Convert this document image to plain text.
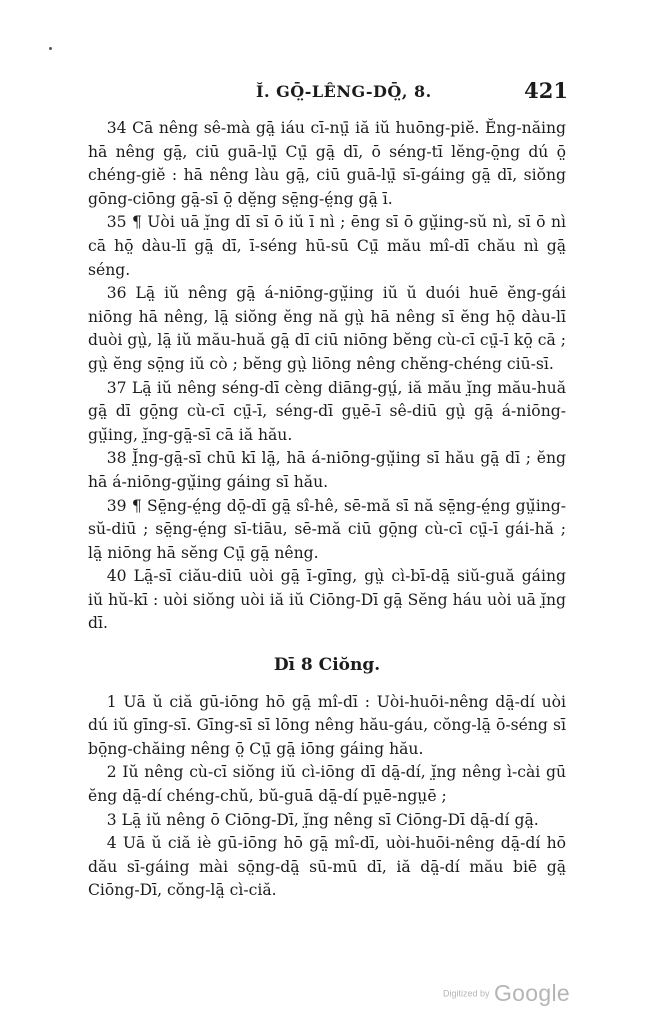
Ĭ. GŌ̤-LÊNG-DŌ̤, 8.	421

34 Cā nêng sê-mà gā̤ iáu cī-nṳ̄ iă iŭ huōng-piĕ. Ĕng-năing hā nêng gā̤, ciū guā-lṳ̄ Cṳ̄ gā̤ dī, ō séng-tī lĕng-ō̤ng dú ō̤ chéng-giĕ : hā nêng làu gā̤, ciū guā-lṳ̄ sī-gáing gā̤ dī, siŏng gōng-ciōng gā̤-sī ō̤ dĕ̤ng sē̤ng-é̤ng gā̤ ī.

35 ¶ Uòi uā ĭ̤ng dī sī ō iŭ ī nì ; ēng sī ō gṳ̆ing-sŭ nì, sī ō nì cā hō̤ dàu-lī gā̤ dī, ī-séng hū-sū Cṳ̄ mău mî-dī chău nì gā̤ séng.

36 Lā̤ iŭ nêng gā̤ á-niōng-gṳ̆ing iŭ ŭ duói huē ĕng-gái niōng hā nêng, lā̤ siŏng ĕng nă gṳ̀ hā nêng sī ĕng hō̤ dàu-lī duòi gṳ̀, lā̤ iŭ mău-huă gā̤ dī ciū niōng bĕng cù-cī cṳ̄-ī kō̤ cā ; gṳ̀ ĕng sō̤ng iŭ cò ; bĕng gṳ̀ liōng nêng chĕng-chéng ciū-sī.

37 Lā̤ iŭ nêng séng-dī cèng diāng-gṳ́, iă mău ĭ̤ng mău-huă gā̤ dī gō̤ng cù-cī cṳ̄-ī, séng-dī gṳē-ī sê-diū gṳ̀ gā̤ á-niōng-gṳ̆ing, ĭ̤ng-gā̤-sī cā iă hău.

38 Ĭ̤ng-gā̤-sī chū kī lā̤, hā á-niōng-gṳ̆ing sī hău gā̤ dī ; ĕng hā á-niōng-gṳ̆ing gáing sī hău.

39 ¶ Sē̤ng-é̤ng dō̤-dī gā̤ sî-hê, sē-mă sī nă sē̤ng-é̤ng gṳ̆ing-sŭ-diū ; sē̤ng-é̤ng sī-tiāu, sē-mă ciū gō̤ng cù-cī cṳ̄-ī gái-hă ; lā̤ niōng hā sĕng Cṳ̄ gā̤ nêng.

40 Lā̤-sī ciău-diū uòi gā̤ ī-gīng, gṳ̀ cì-bī-dā̤ siŭ-guă gáing iŭ hŭ-kī : uòi siŏng uòi iă iŭ Ciōng-Dī gā̤ Sĕng háu uòi uā ĭ̤ng dī.

Dī 8 Ciŏng.

1 Uā ŭ ciă gū-iōng hō gā̤ mî-dī : Uòi-huōi-nêng dā̤-dí uòi dú iŭ gīng-sī. Gīng-sī sī lōng nêng hău-gáu, cŏng-lā̤ ō-séng sī bō̤ng-chăing nêng ō̤ Cṳ̄ gā̤ iōng gáing hău.

2 Iŭ nêng cù-cī siŏng iŭ cì-iōng dī dā̤-dí, ĭ̤ng nêng ì-cài gū ĕng dā̤-dí chéng-chŭ, bŭ-guā dā̤-dí pṳē-ngṳē ;

3 Lā̤ iŭ nêng ō Ciōng-Dī, ĭ̤ng nêng sī Ciōng-Dī dā̤-dí gā̤.

4 Uā ŭ ciă iè gū-iōng hō gā̤ mî-dī, uòi-huōi-nêng dā̤-dí hō dău sī-gáing mài sō̤ng-dā̤ sū-mū dī, iă dā̤-dí mău biē gā̤ Ciōng-Dī, cŏng-lā̤ cì-ciă.

Digitized by Google
